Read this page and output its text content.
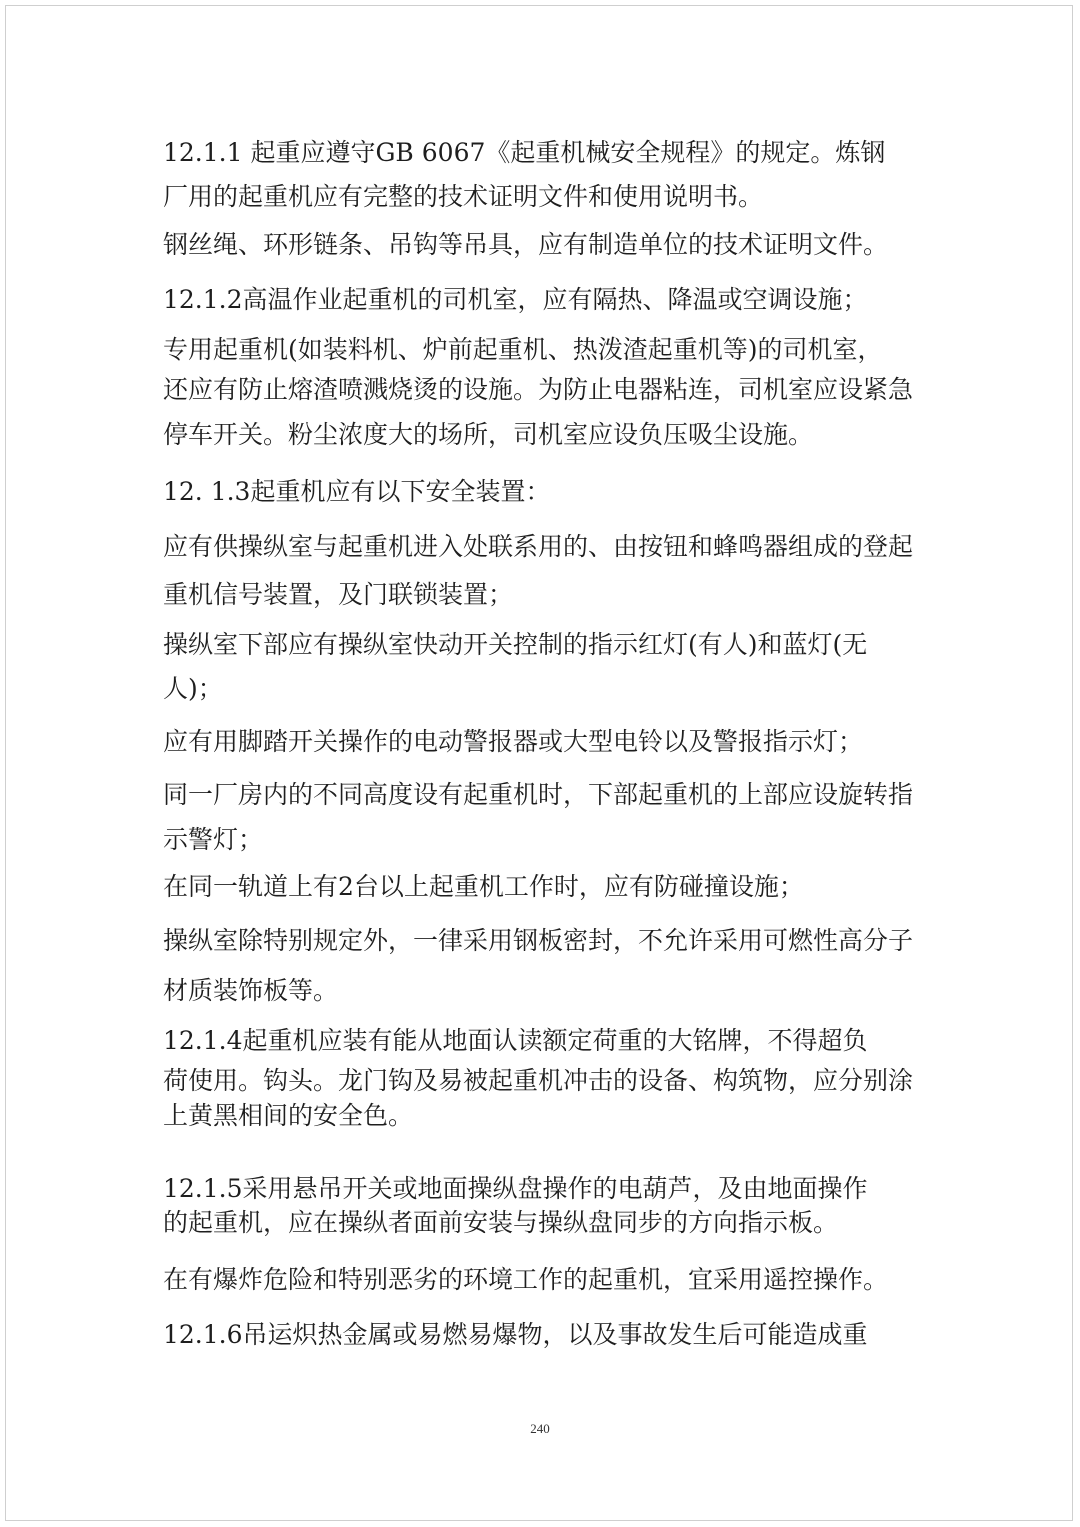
12.1.1 起重应遵守GB 6067《起重机械安全规程》的规定。炼钢

厂用的起重机应有完整的技术证明文件和使用说明书。

钢丝绳、环形链条、吊钩等吊具，应有制造单位的技术证明文件。

12.1.2高温作业起重机的司机室，应有隔热、降温或空调设施；

专用起重机(如装料机、炉前起重机、热泼渣起重机等)的司机室，

还应有防止熔渣喷溅烧烫的设施。为防止电器粘连，司机室应设紧急

停车开关。粉尘浓度大的场所，司机室应设负压吸尘设施。

12. 1.3起重机应有以下安全装置：

应有供操纵室与起重机进入处联系用的、由按钮和蜂鸣器组成的登起

重机信号装置，及门联锁装置；

操纵室下部应有操纵室快动开关控制的指示红灯(有人)和蓝灯(无

人)；

应有用脚踏开关操作的电动警报器或大型电铃以及警报指示灯；

同一厂房内的不同高度设有起重机时，下部起重机的上部应设旋转指

示警灯；

在同一轨道上有2台以上起重机工作时，应有防碰撞设施；

操纵室除特别规定外，一律采用钢板密封，不允许采用可燃性高分子

材质装饰板等。

12.1.4起重机应装有能从地面认读额定荷重的大铭牌，不得超负

荷使用。钩头。龙门钩及易被起重机冲击的设备、构筑物，应分别涂

上黄黑相间的安全色。

12.1.5采用悬吊开关或地面操纵盘操作的电葫芦，及由地面操作

的起重机，应在操纵者面前安装与操纵盘同步的方向指示板。

在有爆炸危险和特别恶劣的环境工作的起重机，宜采用遥控操作。

12.1.6吊运炽热金属或易燃易爆物，以及事故发生后可能造成重

240
